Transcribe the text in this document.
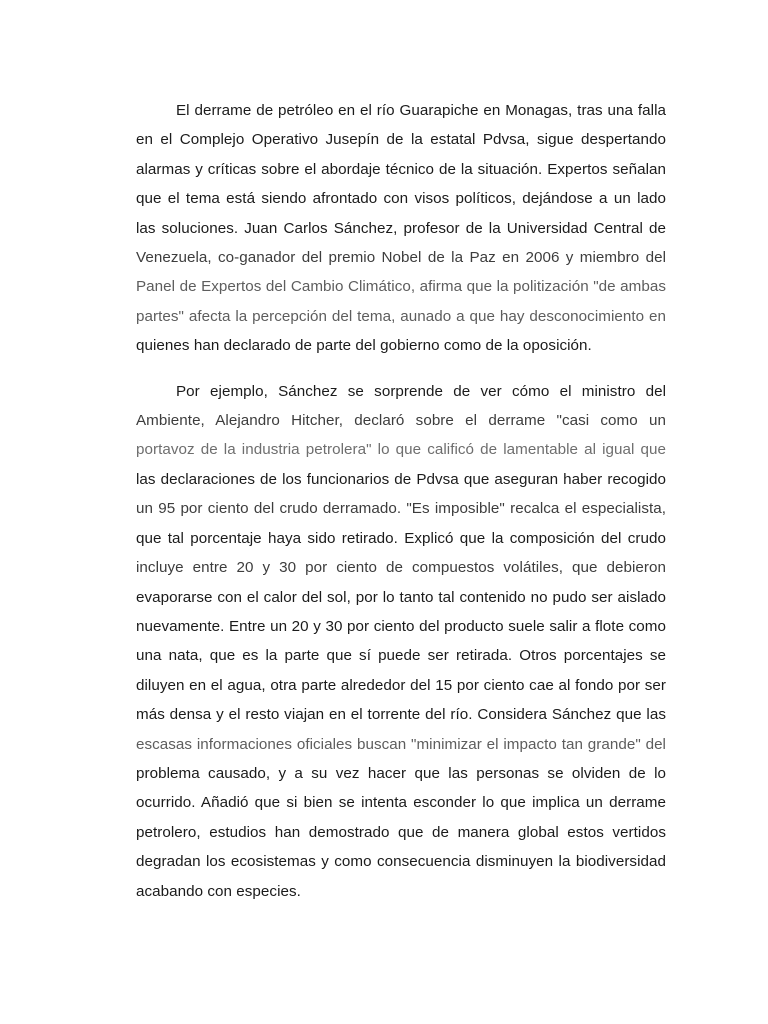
El derrame de petróleo en el río Guarapiche en Monagas, tras una falla
en el Complejo Operativo Jusepín de la estatal Pdvsa, sigue despertando
alarmas y críticas sobre el abordaje técnico de la situación. Expertos señalan
que el tema está siendo afrontado con visos políticos, dejándose a un lado
las soluciones. Juan Carlos Sánchez, profesor de la Universidad Central de
Venezuela, co-ganador del premio Nobel de la Paz en 2006 y miembro del
Panel de Expertos del Cambio Climático, afirma que la politización "de ambas
partes" afecta la percepción del tema, aunado a que hay desconocimiento en
quienes han declarado de parte del gobierno como de la oposición.

Por ejemplo, Sánchez se sorprende de ver cómo el ministro del
Ambiente, Alejandro Hitcher, declaró sobre el derrame "casi como un
portavoz de la industria petrolera" lo que calificó de lamentable al igual que
las declaraciones de los funcionarios de Pdvsa que aseguran haber recogido
un 95 por ciento del crudo derramado. "Es imposible" recalca el especialista,
que tal porcentaje haya sido retirado. Explicó que la composición del crudo
incluye entre 20 y 30 por ciento de compuestos volátiles, que debieron
evaporarse con el calor del sol, por lo tanto tal contenido no pudo ser aislado
nuevamente. Entre un 20 y 30 por ciento del producto suele salir a flote como
una nata, que es la parte que sí puede ser retirada. Otros porcentajes se
diluyen en el agua, otra parte alrededor del 15 por ciento cae al fondo por ser
más densa y el resto viajan en el torrente del río. Considera Sánchez que las
escasas informaciones oficiales buscan "minimizar el impacto tan grande" del
problema causado, y a su vez hacer que las personas se olviden de lo
ocurrido. Añadió que si bien se intenta esconder lo que implica un derrame
petrolero, estudios han demostrado que de manera global estos vertidos
degradan los ecosistemas y como consecuencia disminuyen la biodiversidad
acabando con especies.
